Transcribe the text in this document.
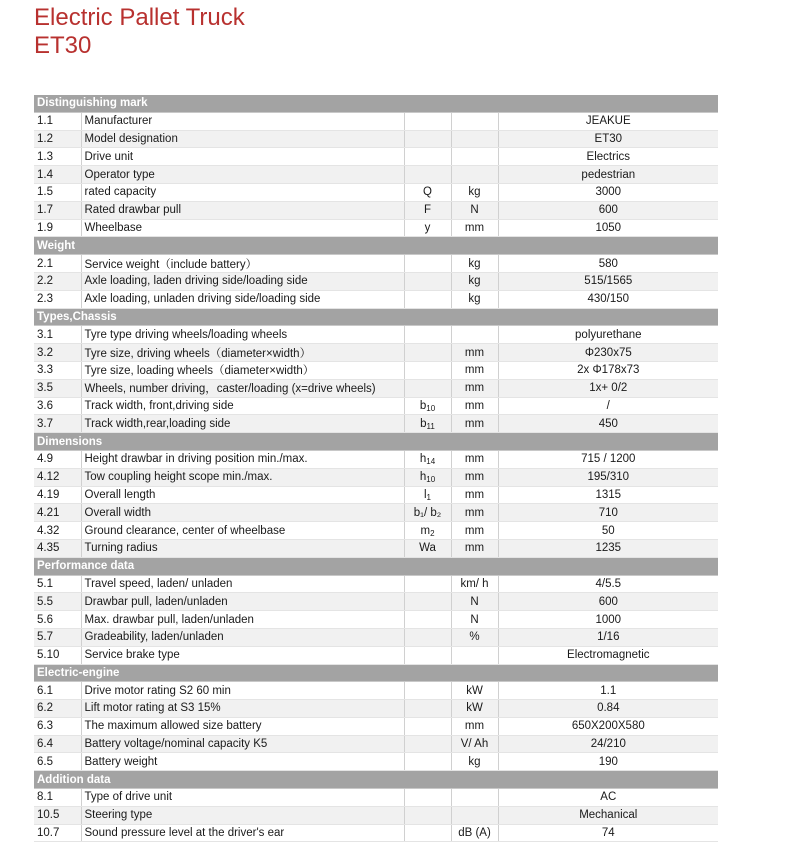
Electric Pallet Truck
ET30
Distinguishing mark				
1.1	Manufacturer			JEAKUE
1.2	Model designation			ET30
1.3	Drive unit			Electrics
1.4	Operator type			pedestrian
1.5	rated capacity	Q	kg	3000
1.7	Rated drawbar pull	F	N	600
1.9	Wheelbase	y	mm	1050
Weight				
2.1	Service weight（include battery）		kg	580
2.2	Axle loading, laden driving side/loading side		kg	515/1565
2.3	Axle loading, unladen driving side/loading side		kg	430/150
Types,Chassis				
3.1	Tyre type driving wheels/loading wheels			polyurethane
3.2	Tyre size, driving wheels（diameter×width）		mm	Φ230x75
3.3	Tyre size, loading wheels（diameter×width）		mm	2x Φ178x73
3.5	Wheels, number driving，caster/loading (x=drive wheels)		mm	1x+ 0/2
3.6	Track width, front,driving side	$b_{10}$	mm	/
3.7	Track width,rear,loading side	$b_{11}$	mm	450
Dimensions				
4.9	Height drawbar in driving position min./max.	$h_{14}$	mm	715 / 1200
4.12	Tow coupling height scope min./max.	$h_{10}$	mm	195/310
4.19	Overall length	$l_1$	mm	1315
4.21	Overall width	b₁/ b₂	mm	710
4.32	Ground clearance, center of wheelbase	$m_2$	mm	50
4.35	Turning radius	Wa	mm	1235
Performance data				
5.1	Travel speed, laden/ unladen		km/ h	4/5.5
5.5	Drawbar pull, laden/unladen		N	600
5.6	Max. drawbar pull, laden/unladen		N	1000
5.7	Gradeability, laden/unladen		%	1/16
5.10	Service brake type			Electromagnetic
Electric-engine				
6.1	Drive motor rating S2 60 min		kW	1.1
6.2	Lift motor rating at S3 15%		kW	0.84
6.3	The maximum allowed size battery		mm	650X200X580
6.4	Battery voltage/nominal capacity K5		V/ Ah	24/210
6.5	Battery weight		kg	190
Addition data				
8.1	Type of drive unit			AC
10.5	Steering type			Mechanical
10.7	Sound pressure level at the driver's ear		dB (A)	74
